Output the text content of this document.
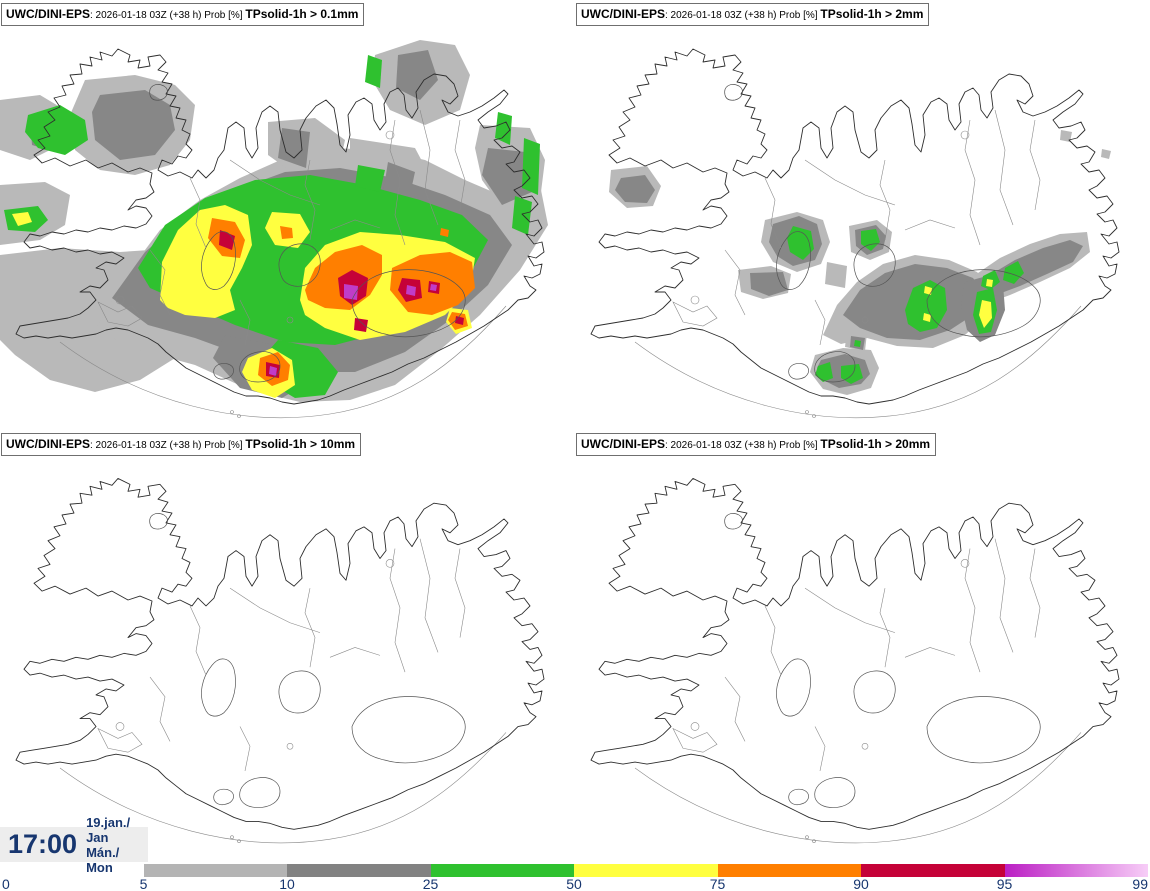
UWC/DINI-EPS: 2026-01-18 03Z (+38 h) Prob [%] TPsolid-1h > 0.1mm	UWC/DINI-EPS: 2026-01-18 03Z (+38 h) Prob [%] TPsolid-1h > 2mm
UWC/DINI-EPS: 2026-01-18 03Z (+38 h) Prob [%] TPsolid-1h > 10mm	UWC/DINI-EPS: 2026-01-18 03Z (+38 h) Prob [%] TPsolid-1h > 20mm
17:00
19.jan./ Jan
Mán./ Mon
0	5	10	25	50	75	90	95	99
